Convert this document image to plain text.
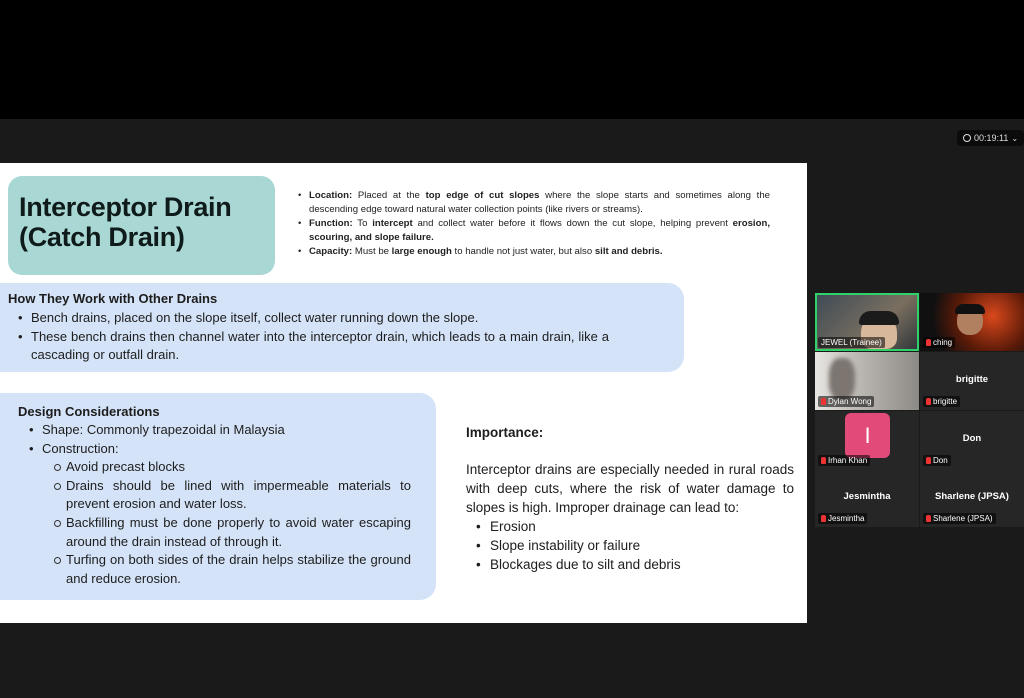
00:19:11 ⌄
Interceptor Drain
(Catch Drain)
• Location: Placed at the top edge of cut slopes where the slope starts and sometimes along the descending edge toward natural water collection points (like rivers or streams).
• Function: To intercept and collect water before it flows down the cut slope, helping prevent erosion, scouring, and slope failure.
• Capacity: Must be large enough to handle not just water, but also silt and debris.
How They Work with Other Drains
• Bench drains, placed on the slope itself, collect water running down the slope.
• These bench drains then channel water into the interceptor drain, which leads to a main drain, like a cascading or outfall drain.
Design Considerations
• Shape: Commonly trapezoidal in Malaysia
• Construction:
Avoid precast blocks
Drains should be lined with impermeable materials to prevent erosion and water loss.
Backfilling must be done properly to avoid water escaping around the drain instead of through it.
Turfing on both sides of the drain helps stabilize the ground and reduce erosion.
Importance:
Interceptor drains are especially needed in rural roads with deep cuts, where the risk of water damage to slopes is high. Improper drainage can lead to:
• Erosion
• Slope instability or failure
• Blockages due to silt and debris
JEWEL (Trainee)	ching
Dylan Wong
brigitte
brigitte
I
Irhan Khan
Don
Don
Jesmintha
Jesmintha
Sharlene (JPSA)
Sharlene (JPSA)
